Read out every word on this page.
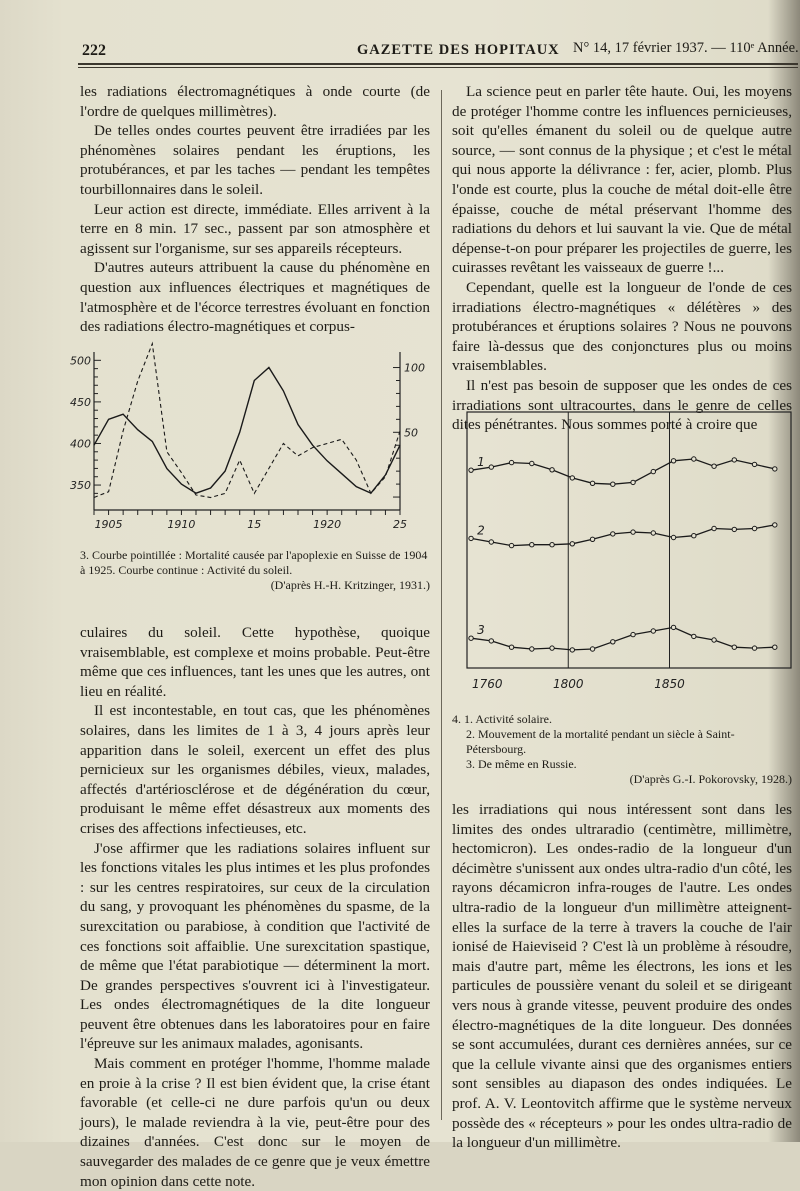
222	GAZETTE DES HOPITAUX N° 14, 17 février 1937. — 110ᵉ Année.

les radiations électromagnétiques à onde courte (de l'ordre de quelques millimètres).

De telles ondes courtes peuvent être irradiées par les phénomènes solaires pendant les éruptions, les protubérances, et par les taches — pendant les tempêtes tourbillonnaires dans le soleil.

Leur action est directe, immédiate. Elles arrivent à la terre en 8 min. 17 sec., passent par son atmosphère et agissent sur l'organisme, sur ses appareils récepteurs.

D'autres auteurs attribuent la cause du phénomène en question aux influences électriques et magnétiques de l'atmosphère et de l'écorce terrestres évoluant en fonction des radiations électro-magnétiques et corpus-

1905	1910	15	1920	25
500
450
400
350
100
50
3. Courbe pointillée : Mortalité causée par l'apoplexie en Suisse de 1904 à 1925. Courbe continue : Activité du soleil.
(D'après H.-H. Kritzinger, 1931.)

culaires du soleil. Cette hypothèse, quoique vraisemblable, est complexe et moins probable. Peut-être même que ces influences, tant les unes que les autres, ont lieu en réalité.

Il est incontestable, en tout cas, que les phénomènes solaires, dans les limites de 1 à 3, 4 jours après leur apparition dans le soleil, exercent un effet des plus pernicieux sur les organismes débiles, vieux, malades, affectés d'artériosclérose et de dégénération du cœur, produisant le même effet désastreux aux moments des crises des affections infectieuses, etc.

J'ose affirmer que les radiations solaires influent sur les fonctions vitales les plus intimes et les plus profondes : sur les centres respiratoires, sur ceux de la circulation du sang, y provoquant les phénomènes du spasme, de la surexcitation ou parabiose, à condition que l'activité de ces fonctions soit affaiblie. Une surexcitation spastique, de même que l'état parabiotique — déterminent la mort. De grandes perspectives s'ouvrent ici à l'investigateur. Les ondes électromagnétiques de la dite longueur peuvent être obtenues dans les laboratoires pour en faire l'épreuve sur les animaux malades, agonisants.

Mais comment en protéger l'homme, l'homme malade en proie à la crise ? Il est bien évident que, la crise étant favorable (et celle-ci ne dure parfois qu'un ou deux jours), le malade reviendra à la vie, peut-être pour des dizaines d'années. C'est donc sur le moyen de sauvegarder des malades de ce genre que je veux émettre mon opinion dans cette note.

La science peut en parler tête haute. Oui, les moyens de protéger l'homme contre les influences pernicieuses, soit qu'elles émanent du soleil ou de quelque autre source, — sont connus de la physique ; et c'est le métal qui nous apporte la délivrance : fer, acier, plomb. Plus l'onde est courte, plus la couche de métal doit-elle être épaisse, couche de métal préservant l'homme des radiations du dehors et lui sauvant la vie. Que de métal dépense-t-on pour préparer les projectiles de guerre, les cuirasses revêtant les vaisseaux de guerre !...

Cependant, quelle est la longueur de l'onde de ces irradiations électro-magnétiques « délétères » des protubérances et éruptions solaires ? Nous ne pouvons faire là-dessus que des conjonctures plus ou moins vraisemblables.

Il n'est pas besoin de supposer que les ondes de ces irradiations sont ultracourtes, dans le genre de celles dites pénétrantes. Nous sommes porté à croire que

1760	1800	1850
1
2
3
4. 1. Activité solaire.
2. Mouvement de la mortalité pendant un siècle à Saint-Pétersbourg.
3. De même en Russie.
(D'après G.-I. Pokorovsky, 1928.)

les irradiations qui nous intéressent sont dans les limites des ondes ultraradio (centimètre, millimètre, hectomicron). Les ondes-radio de la longueur d'un décimètre s'unissent aux ondes ultra-radio d'un côté, les rayons décamicron infra-rouges de l'autre. Les ondes ultra-radio de la longueur d'un millimètre atteignent-elles la surface de la terre à travers la couche de l'air ionisé de Haieviseid ? C'est là un problème à résoudre, mais d'autre part, même les électrons, les ions et les particules de poussière venant du soleil et se dirigeant vers nous à grande vitesse, peuvent produire des ondes électro-magnétiques de la dite longueur. Des données se sont accumulées, durant ces dernières années, sur ce que la cellule vivante ainsi que des organismes entiers sont sensibles au diapason des ondes indiquées. Le prof. A. V. Leontovitch affirme que le système nerveux possède des « récepteurs » pour les ondes ultra-radio de la longueur d'un millimètre.
